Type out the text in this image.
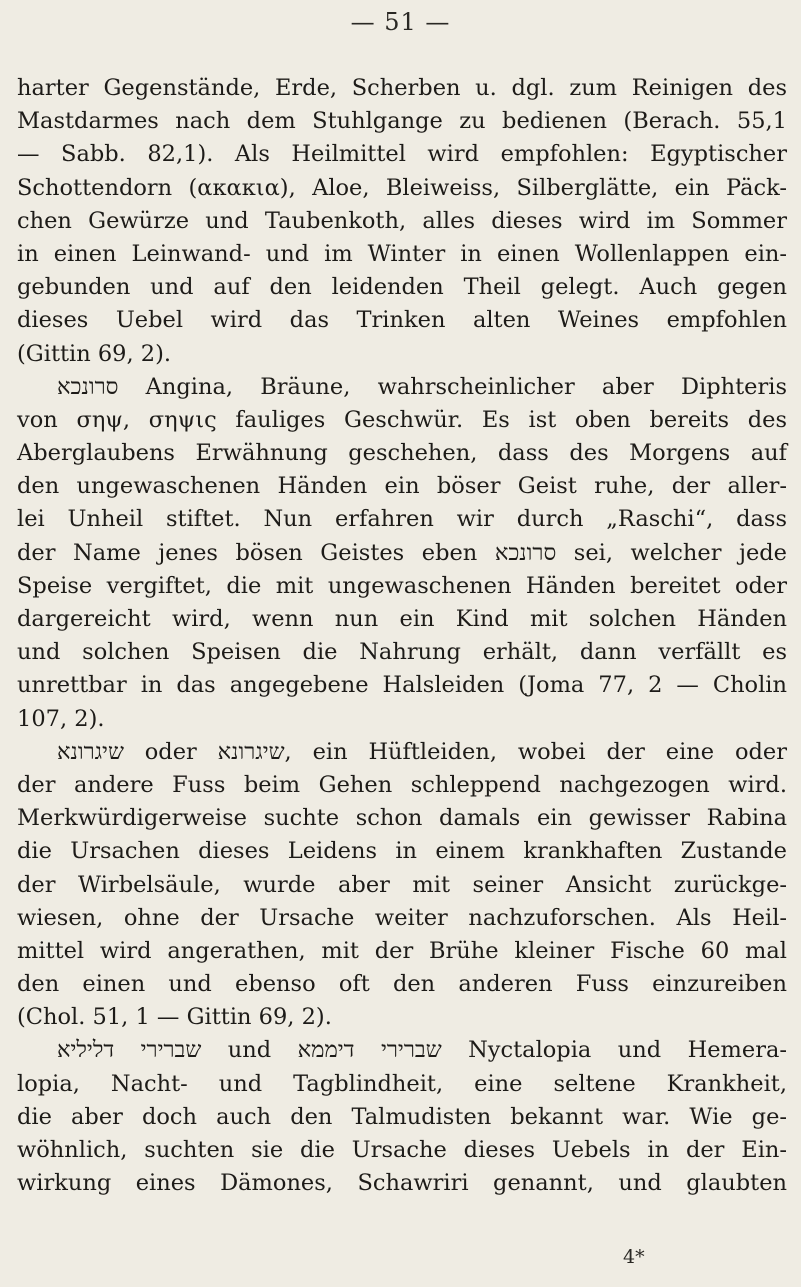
— 51 —
harter Gegenstände, Erde, Scherben u. dgl. zum Reinigen des
Mastdarmes nach dem Stuhlgange zu bedienen (Berach. 55,1
— Sabb. 82,1). Als Heilmittel wird empfohlen: Egyptischer
Schottendorn (ακακια), Aloe, Bleiweiss, Silberglätte, ein Päck-
chen Gewürze und Taubenkoth, alles dieses wird im Sommer
in einen Leinwand- und im Winter in einen Wollenlappen ein-
gebunden und auf den leidenden Theil gelegt. Auch gegen
dieses Uebel wird das Trinken alten Weines empfohlen
(Gittin 69, 2).
סרונכא Angina, Bräune, wahrscheinlicher aber Diphteris
von σηψ, σηψις fauliges Geschwür. Es ist oben bereits des
Aberglaubens Erwähnung geschehen, dass des Morgens auf
den ungewaschenen Händen ein böser Geist ruhe, der aller-
lei Unheil stiftet. Nun erfahren wir durch „Raschi“, dass
der Name jenes bösen Geistes eben סרונכא sei, welcher jede
Speise vergiftet, die mit ungewaschenen Händen bereitet oder
dargereicht wird, wenn nun ein Kind mit solchen Händen
und solchen Speisen die Nahrung erhält, dann verfällt es
unrettbar in das angegebene Halsleiden (Joma 77, 2 — Cholin
107, 2).
שיגרונא oder שיגרונא, ein Hüftleiden, wobei der eine oder
der andere Fuss beim Gehen schleppend nachgezogen wird.
Merkwürdigerweise suchte schon damals ein gewisser Rabina
die Ursachen dieses Leidens in einem krankhaften Zustande
der Wirbelsäule, wurde aber mit seiner Ansicht zurückge-
wiesen, ohne der Ursache weiter nachzuforschen. Als Heil-
mittel wird angerathen, mit der Brühe kleiner Fische 60 mal
den einen und ebenso oft den anderen Fuss einzureiben
(Chol. 51, 1 — Gittin 69, 2).
שברירי דליליא und שברירי דיממא Nyctalopia und Hemera-
lopia, Nacht- und Tagblindheit, eine seltene Krankheit,
die aber doch auch den Talmudisten bekannt war. Wie ge-
wöhnlich, suchten sie die Ursache dieses Uebels in der Ein-
wirkung eines Dämones, Schawriri genannt, und glaubten
4*
